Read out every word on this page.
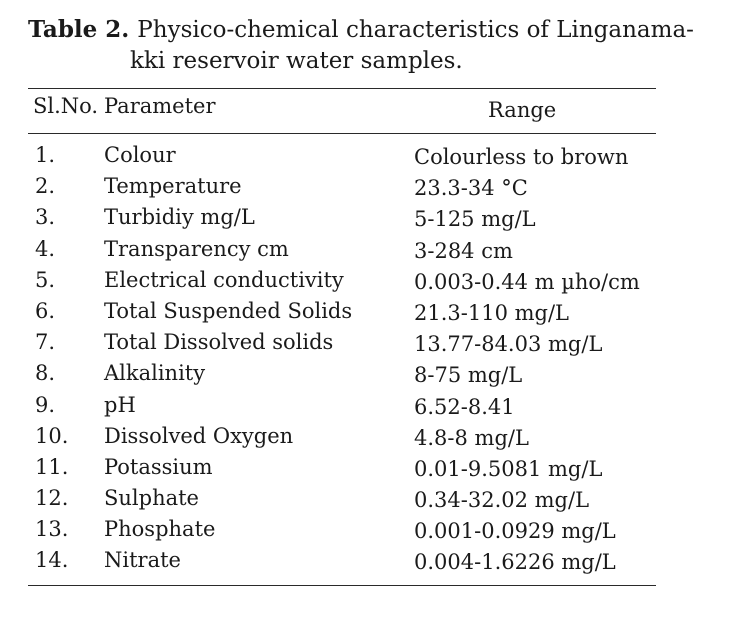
Table 2. Physico-chemical characteristics of Linganama-
kki reservoir water samples.
Sl.No. Parameter	Range
1. Colour	Colourless to brown
2. Temperature	23.3-34 °C
3. Turbidiy mg/L	5-125 mg/L
4. Transparency cm	3-284 cm
5. Electrical conductivity	0.003-0.44 m µho/cm
6. Total Suspended Solids	21.3-110 mg/L
7. Total Dissolved solids	13.77-84.03 mg/L
8. Alkalinity	8-75 mg/L
9. pH	6.52-8.41
10. Dissolved Oxygen	4.8-8 mg/L
11. Potassium	0.01-9.5081 mg/L
12. Sulphate	0.34-32.02 mg/L
13. Phosphate	0.001-0.0929 mg/L
14. Nitrate	0.004-1.6226 mg/L
